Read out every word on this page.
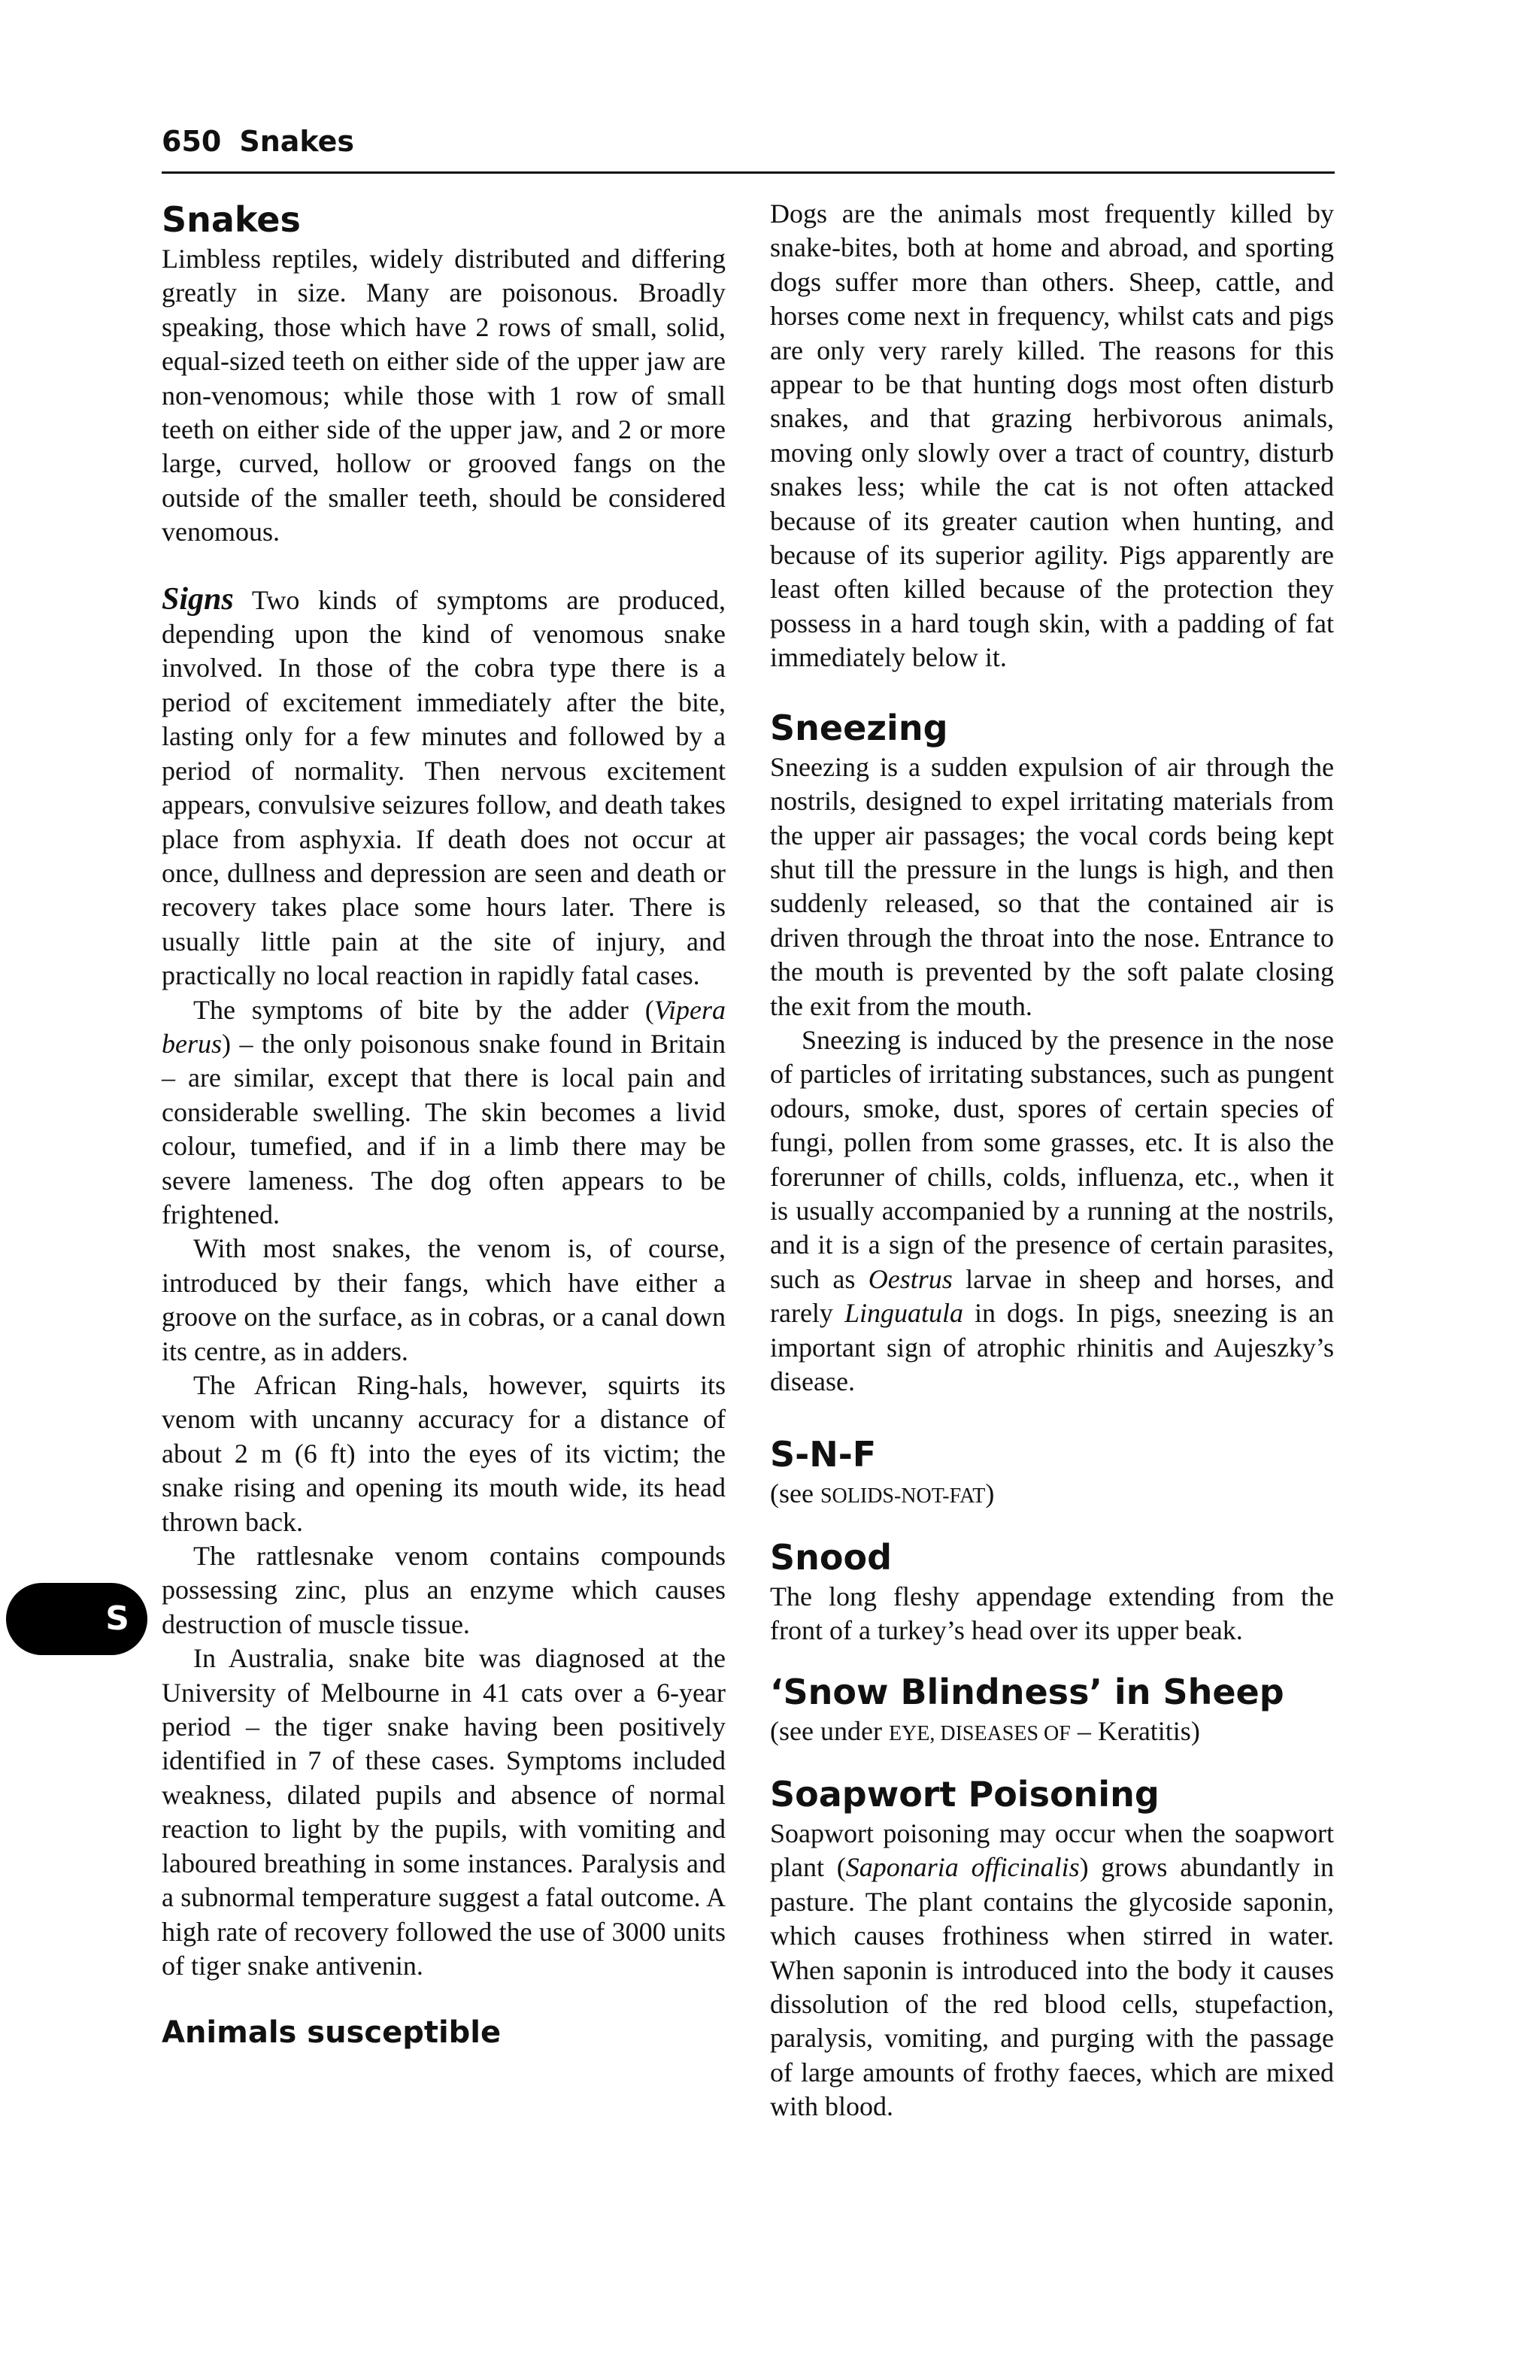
650 Snakes
S
Snakes

Limbless reptiles, widely distributed and differing greatly in size. Many are poisonous. Broadly speaking, those which have 2 rows of small, solid, equal-sized teeth on either side of the upper jaw are non-venomous; while those with 1 row of small teeth on either side of the upper jaw, and 2 or more large, curved, hollow or grooved fangs on the outside of the smaller teeth, should be considered venomous.

Signs Two kinds of symptoms are produced, depending upon the kind of venomous snake involved. In those of the cobra type there is a period of excitement immediately after the bite, lasting only for a few minutes and followed by a period of normality. Then nervous excitement appears, convulsive seizures follow, and death takes place from asphyxia. If death does not occur at once, dullness and depression are seen and death or recovery takes place some hours later. There is usually little pain at the site of injury, and practically no local reaction in rapidly fatal cases.

The symptoms of bite by the adder (Vipera berus) – the only poisonous snake found in Britain – are similar, except that there is local pain and considerable swelling. The skin becomes a livid colour, tumefied, and if in a limb there may be severe lameness. The dog often appears to be frightened.

With most snakes, the venom is, of course, introduced by their fangs, which have either a groove on the surface, as in cobras, or a canal down its centre, as in adders.

The African Ring-hals, however, squirts its venom with uncanny accuracy for a distance of about 2 m (6 ft) into the eyes of its victim; the snake rising and opening its mouth wide, its head thrown back.

The rattlesnake venom contains compounds possessing zinc, plus an enzyme which causes destruction of muscle tissue.

In Australia, snake bite was diagnosed at the University of Melbourne in 41 cats over a 6-year period – the tiger snake having been positively identified in 7 of these cases. Symptoms included weakness, dilated pupils and absence of normal reaction to light by the pupils, with vomiting and laboured breathing in some instances. Paralysis and a subnormal temperature suggest a fatal outcome. A high rate of recovery followed the use of 3000 units of tiger snake antivenin.

Animals susceptible

Dogs are the animals most frequently killed by snake-bites, both at home and abroad, and sporting dogs suffer more than others. Sheep, cattle, and horses come next in frequency, whilst cats and pigs are only very rarely killed. The reasons for this appear to be that hunting dogs most often disturb snakes, and that grazing herbivorous animals, moving only slowly over a tract of country, disturb snakes less; while the cat is not often attacked because of its greater caution when hunting, and because of its superior agility. Pigs apparently are least often killed because of the protection they possess in a hard tough skin, with a padding of fat immediately below it.

Sneezing

Sneezing is a sudden expulsion of air through the nostrils, designed to expel irritating materials from the upper air passages; the vocal cords being kept shut till the pressure in the lungs is high, and then suddenly released, so that the contained air is driven through the throat into the nose. Entrance to the mouth is prevented by the soft palate closing the exit from the mouth.

Sneezing is induced by the presence in the nose of particles of irritating substances, such as pungent odours, smoke, dust, spores of certain species of fungi, pollen from some grasses, etc. It is also the forerunner of chills, colds, influenza, etc., when it is usually accompanied by a running at the nostrils, and it is a sign of the presence of certain parasites, such as Oestrus larvae in sheep and horses, and rarely Linguatula in dogs. In pigs, sneezing is an important sign of atrophic rhinitis and Aujeszky’s disease.

S-N-F

(see SOLIDS-NOT-FAT)

Snood

The long fleshy appendage extending from the front of a turkey’s head over its upper beak.

‘Snow Blindness’ in Sheep

(see under EYE, DISEASES OF – Keratitis)

Soapwort Poisoning

Soapwort poisoning may occur when the soapwort plant (Saponaria officinalis) grows abundantly in pasture. The plant contains the glycoside saponin, which causes frothiness when stirred in water. When saponin is introduced into the body it causes dissolution of the red blood cells, stupefaction, paralysis, vomiting, and purging with the passage of large amounts of frothy faeces, which are mixed with blood.
